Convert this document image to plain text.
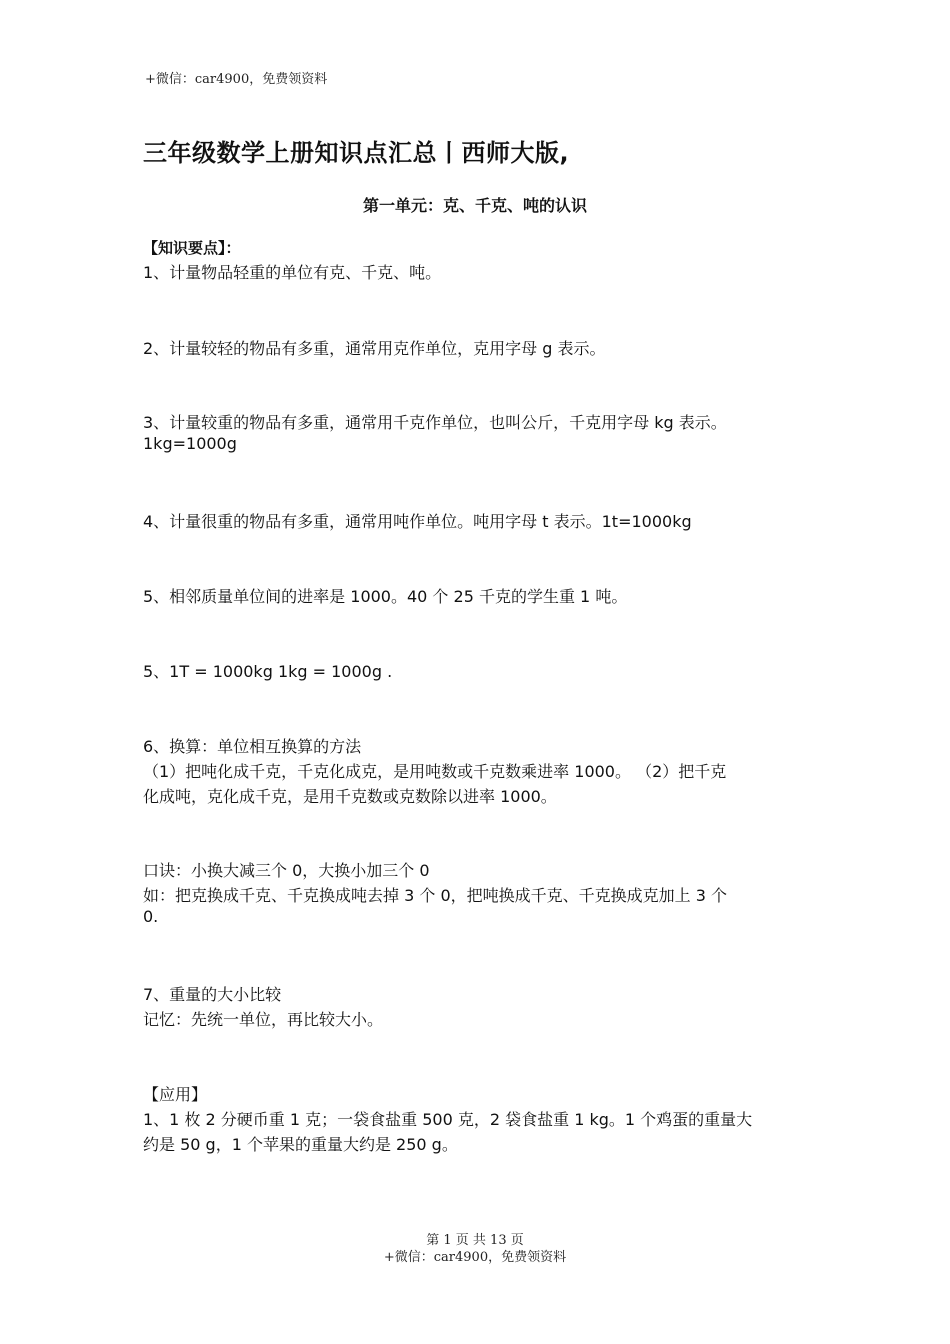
+微信：car4900，免费领资料
三年级数学上册知识点汇总丨西师大版,
第一单元：克、千克、吨的认识
【知识要点】：
1、计量物品轻重的单位有克、千克、吨。
2、计量较轻的物品有多重，通常用克作单位，克用字母 g 表示。
3、计量较重的物品有多重，通常用千克作单位，也叫公斤，千克用字母 kg 表示。
1kg=1000g
4、计量很重的物品有多重，通常用吨作单位。吨用字母 t 表示。1t=1000kg
5、相邻质量单位间的进率是 1000。40 个 25 千克的学生重 1 吨。
5、1T = 1000kg 1kg = 1000g .
6、换算：单位相互换算的方法
（1）把吨化成千克，千克化成克，是用吨数或千克数乘进率 1000。 （2）把千克
化成吨，克化成千克，是用千克数或克数除以进率 1000。
口诀：小换大减三个 0，大换小加三个 0
如：把克换成千克、千克换成吨去掉 3 个 0，把吨换成千克、千克换成克加上 3 个
0.
7、重量的大小比较
记忆：先统一单位，再比较大小。
【应用】
1、1 枚 2 分硬币重 1 克；一袋食盐重 500 克，2 袋食盐重 1 kg。1 个鸡蛋的重量大
约是 50 g，1 个苹果的重量大约是 250 g。
第 1 页 共 13 页
+微信：car4900，免费领资料
